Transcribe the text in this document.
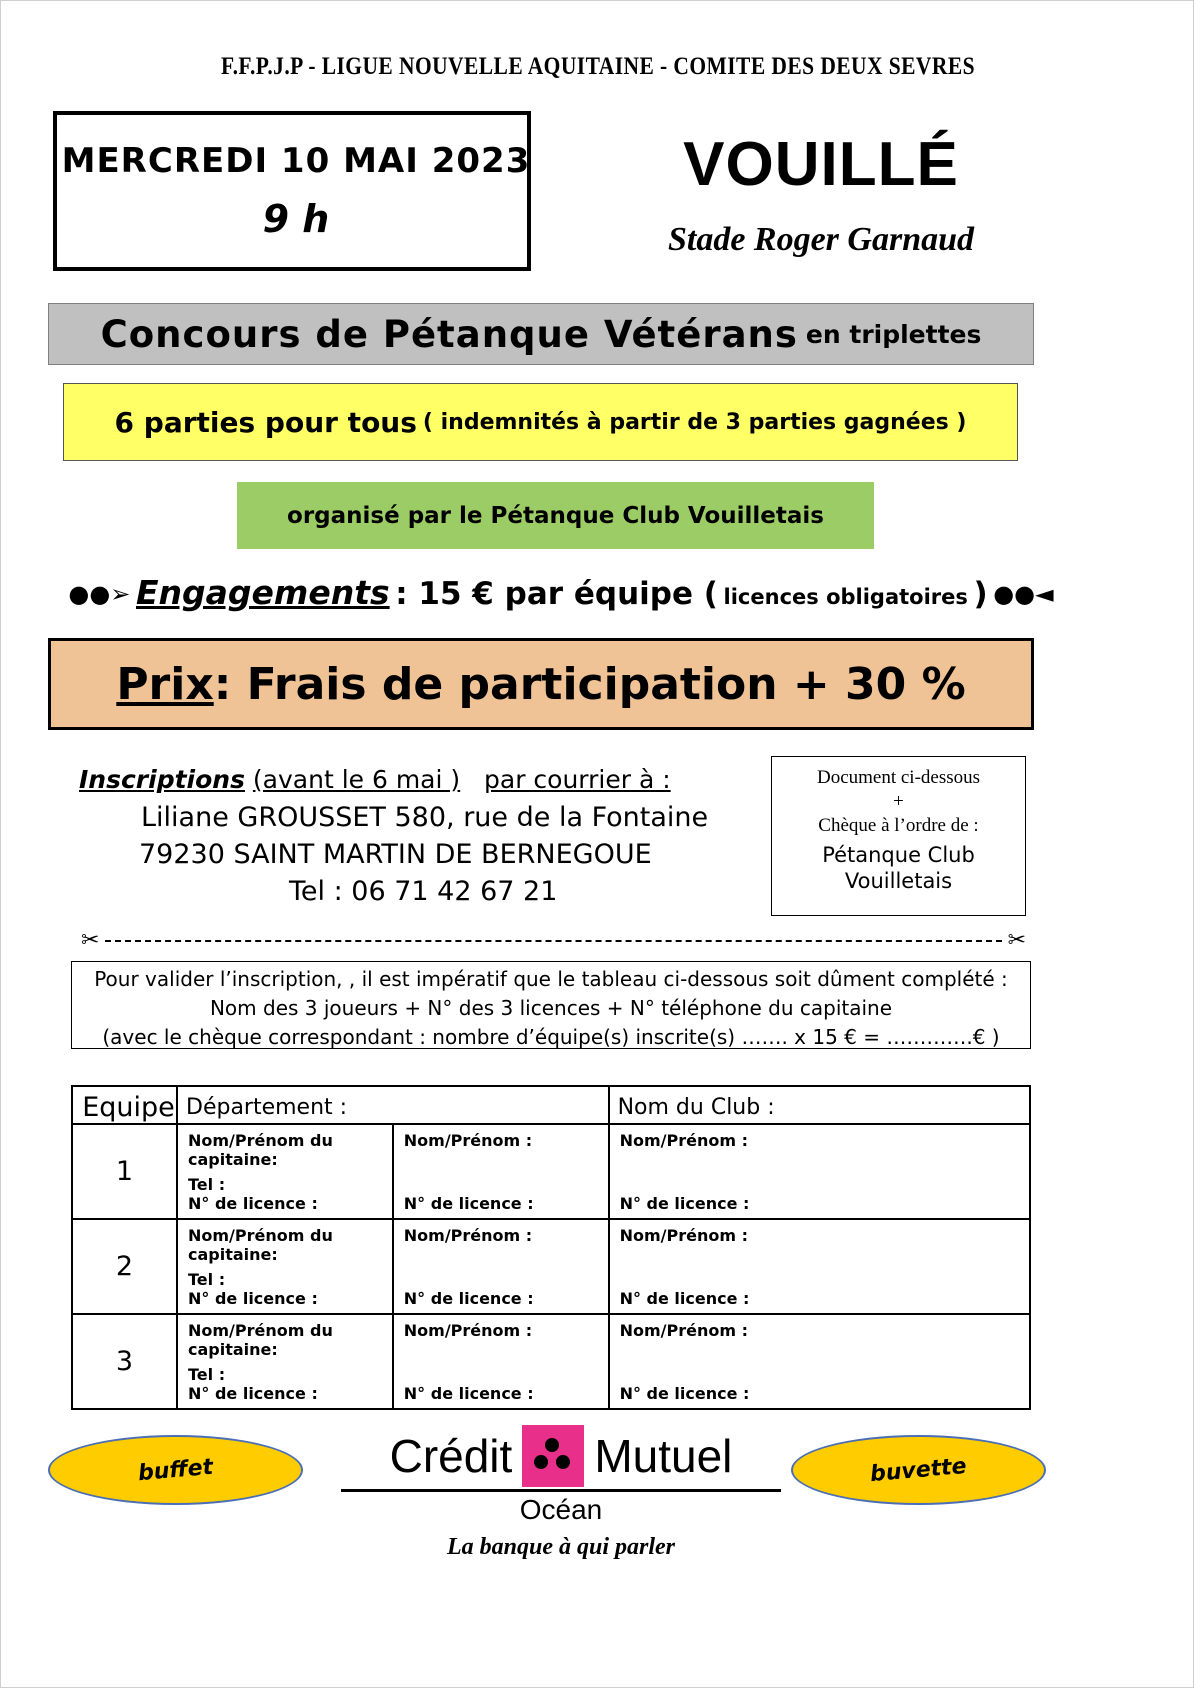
F.F.P.J.P - LIGUE NOUVELLE AQUITAINE - COMITE DES DEUX SEVRES
MERCREDI 10 MAI 2023
9 h
VOUILLÉ
Stade Roger Garnaud
Concours de Pétanque Vétérans en triplettes
6 parties pour tous ( indemnités à partir de 3 parties gagnées )
organisé par le Pétanque Club Vouilletais
●●➢ Engagements : 15 € par équipe ( licences obligatoires ) ●●◄
Prix : Frais de participation + 30 %
Inscriptions (avant le 6 mai ) par courrier à :
Liliane GROUSSET 580, rue de la Fontaine
79230 SAINT MARTIN DE BERNEGOUE
Tel : 06 71 42 67 21
Document ci-dessous
+
Chèque à l’ordre de :
Pétanque Club
Vouilletais
✂	✂
Pour valider l’inscription, , il est impératif que le tableau ci-dessous soit dûment complété :
Nom des 3 joueurs + N° des 3 licences + N° téléphone du capitaine
(avec le chèque correspondant : nombre d’équipe(s) inscrite(s) ……. x 15 € = ………….€ )
Equipe	Département :		Nom du Club :
1	Nom/Prénom du capitaine:
Tel :
N° de licence :	Nom/Prénom :
N° de licence :	Nom/Prénom :
N° de licence :

2	Nom/Prénom du capitaine:
Tel :
N° de licence :	Nom/Prénom :
N° de licence :	Nom/Prénom :
N° de licence :

3	Nom/Prénom du capitaine:
Tel :
N° de licence :	Nom/Prénom :
N° de licence :	Nom/Prénom :
N° de licence :
buffet	buvette
Crédit Mutuel
Océan
La banque à qui parler
